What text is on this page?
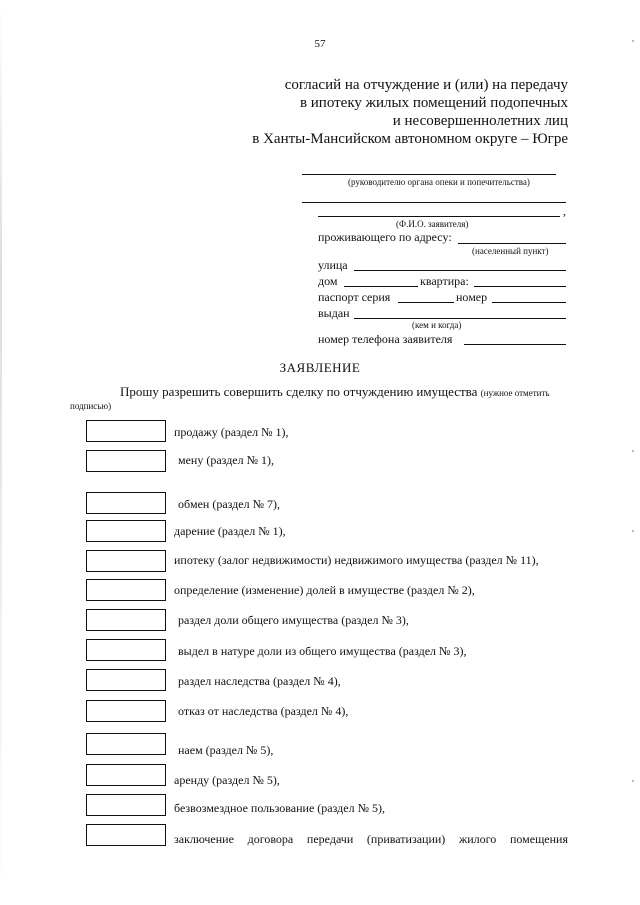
57
согласий на отчуждение и (или) на передачу
в ипотеку жилых помещений подопечных
и несовершеннолетних лиц
в Ханты-Мансийском автономном округе – Югре
(руководителю органа опеки и попечительства)
,
(Ф.И.О. заявителя)
проживающего по адресу:
(населенный пункт)
улица
дом	квартира:
паспорт серия	номер
выдан
(кем и когда)
номер телефона заявителя
ЗАЯВЛЕНИЕ
Прошу разрешить совершить сделку по отчуждению имущества (нужное отметить
подписью)
продажу (раздел № 1),
мену (раздел № 1),
обмен (раздел № 7),
дарение (раздел № 1),
ипотеку (залог недвижимости) недвижимого имущества (раздел № 11),
определение (изменение) долей в имуществе (раздел № 2),
раздел доли общего имущества (раздел № 3),
выдел в натуре доли из общего имущества (раздел № 3),
раздел наследства (раздел № 4),
отказ от наследства (раздел № 4),
наем (раздел № 5),
аренду (раздел № 5),
безвозмездное пользование (раздел № 5),
заключение договора передачи (приватизации) жилого помещения
